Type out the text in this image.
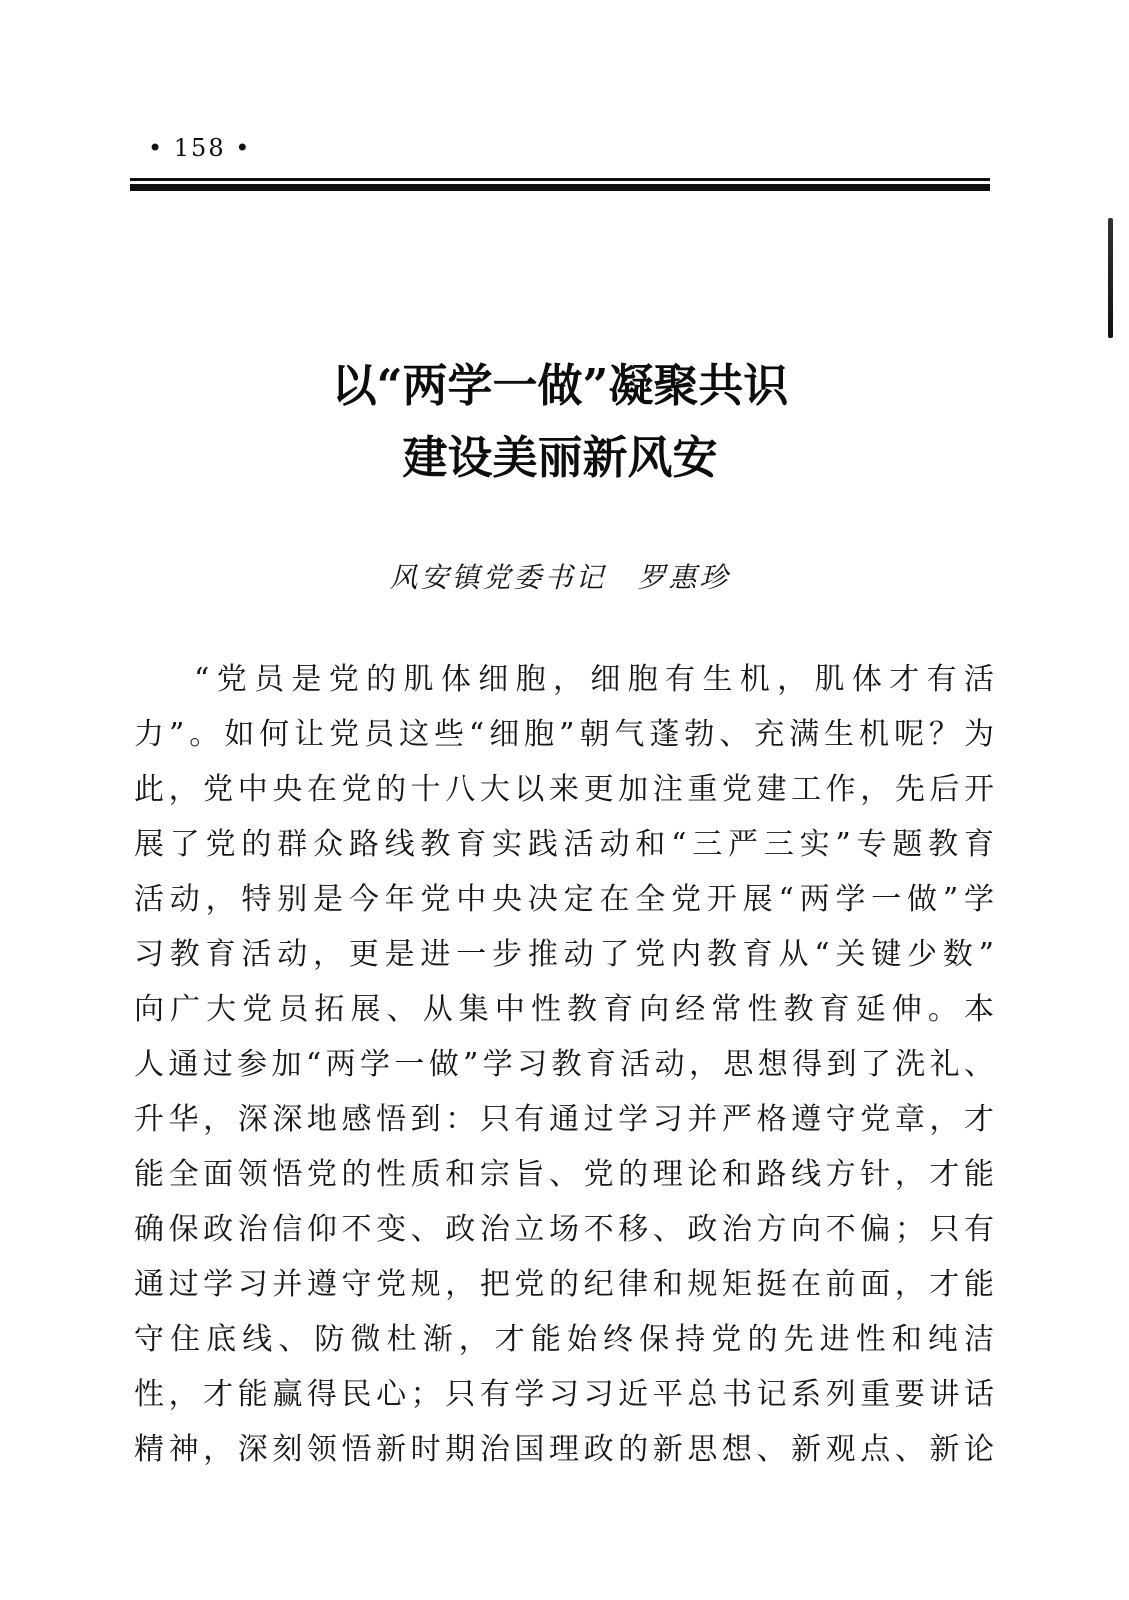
• 158 •
以“两学一做”凝聚共识
建设美丽新风安
风安镇党委书记　罗惠珍
“党员是党的肌体细胞，细胞有生机，肌体才有活
力”。如何让党员这些“细胞”朝气蓬勃、充满生机呢？为
此，党中央在党的十八大以来更加注重党建工作，先后开
展了党的群众路线教育实践活动和“三严三实”专题教育
活动，特别是今年党中央决定在全党开展“两学一做”学
习教育活动，更是进一步推动了党内教育从“关键少数”
向广大党员拓展、从集中性教育向经常性教育延伸。本
人通过参加“两学一做”学习教育活动，思想得到了洗礼、
升华，深深地感悟到：只有通过学习并严格遵守党章，才
能全面领悟党的性质和宗旨、党的理论和路线方针，才能
确保政治信仰不变、政治立场不移、政治方向不偏；只有
通过学习并遵守党规，把党的纪律和规矩挺在前面，才能
守住底线、防微杜渐，才能始终保持党的先进性和纯洁
性，才能赢得民心；只有学习习近平总书记系列重要讲话
精神，深刻领悟新时期治国理政的新思想、新观点、新论
